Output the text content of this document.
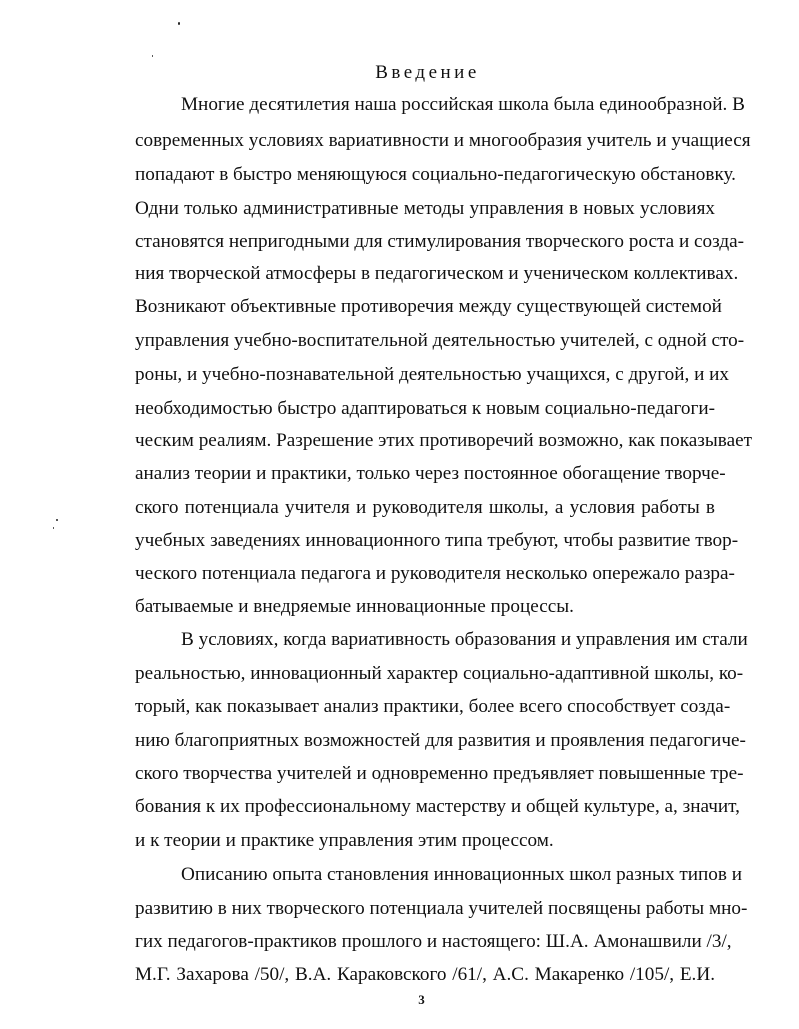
Введение
Многие десятилетия наша российская школа была единообразной. В
современных условиях вариативности и многообразия учитель и учащиеся
попадают в быстро меняющуюся социально-педагогическую обстановку.
Одни только административные методы управления в новых условиях
становятся непригодными для стимулирования творческого роста и созда-
ния творческой атмосферы в педагогическом и ученическом коллективах.
Возникают объективные противоречия между существующей системой
управления учебно-воспитательной деятельностью учителей, с одной сто-
роны, и учебно-познавательной деятельностью учащихся, с другой, и их
необходимостью быстро адаптироваться к новым социально-педагоги-
ческим реалиям. Разрешение этих противоречий возможно, как показывает
анализ теории и практики, только через постоянное обогащение творче-
ского потенциала учителя и руководителя школы, а условия работы в
учебных заведениях инновационного типа требуют, чтобы развитие твор-
ческого потенциала педагога и руководителя несколько опережало разра-
батываемые и внедряемые инновационные процессы.
В условиях, когда вариативность образования и управления им стали
реальностью, инновационный характер социально-адаптивной школы, ко-
торый, как показывает анализ практики, более всего способствует созда-
нию благоприятных возможностей для развития и проявления педагогиче-
ского творчества учителей и одновременно предъявляет повышенные тре-
бования к их профессиональному мастерству и общей культуре, а, значит,
и к теории и практике управления этим процессом.
Описанию опыта становления инновационных школ разных типов и
развитию в них творческого потенциала учителей посвящены работы мно-
гих педагогов-практиков прошлого и настоящего: Ш.А. Амонашвили /3/,
М.Г. Захарова /50/, В.А. Караковского /61/, А.С. Макаренко /105/, Е.И.
3
